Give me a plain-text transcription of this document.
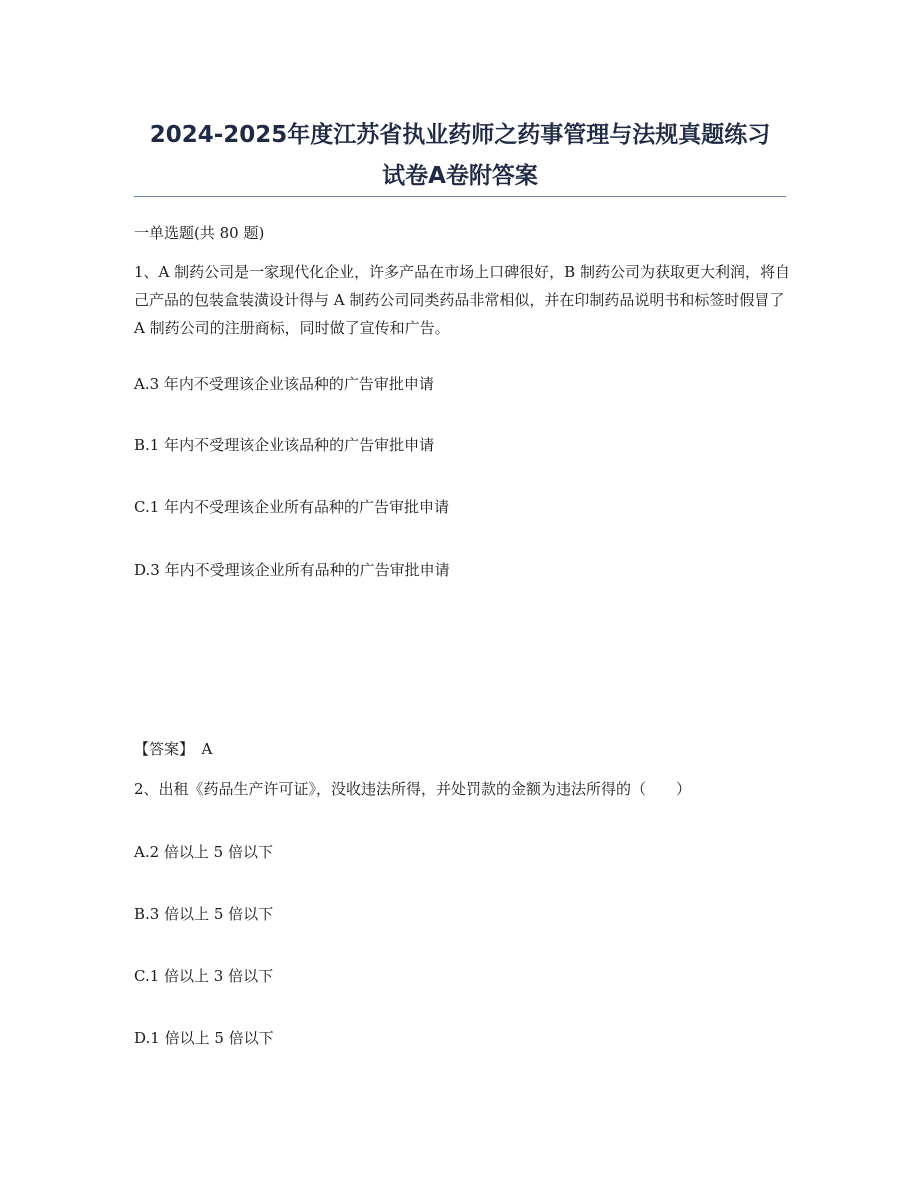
2024-2025年度江苏省执业药师之药事管理与法规真题练习
试卷A卷附答案

一单选题(共 80 题)

1、A 制药公司是一家现代化企业，许多产品在市场上口碑很好，B 制药公司为获取更大利润，将自己产品的包装盒装潢设计得与 A 制药公司同类药品非常相似，并在印制药品说明书和标签时假冒了 A 制药公司的注册商标，同时做了宣传和广告。

A.3 年内不受理该企业该品种的广告审批申请

B.1 年内不受理该企业该品种的广告审批申请

C.1 年内不受理该企业所有品种的广告审批申请

D.3 年内不受理该企业所有品种的广告审批申请

【答案】　A

2、出租《药品生产许可证》，没收违法所得，并处罚款的金额为违法所得的（　　）

A.2 倍以上 5 倍以下

B.3 倍以上 5 倍以下

C.1 倍以上 3 倍以下

D.1 倍以上 5 倍以下
